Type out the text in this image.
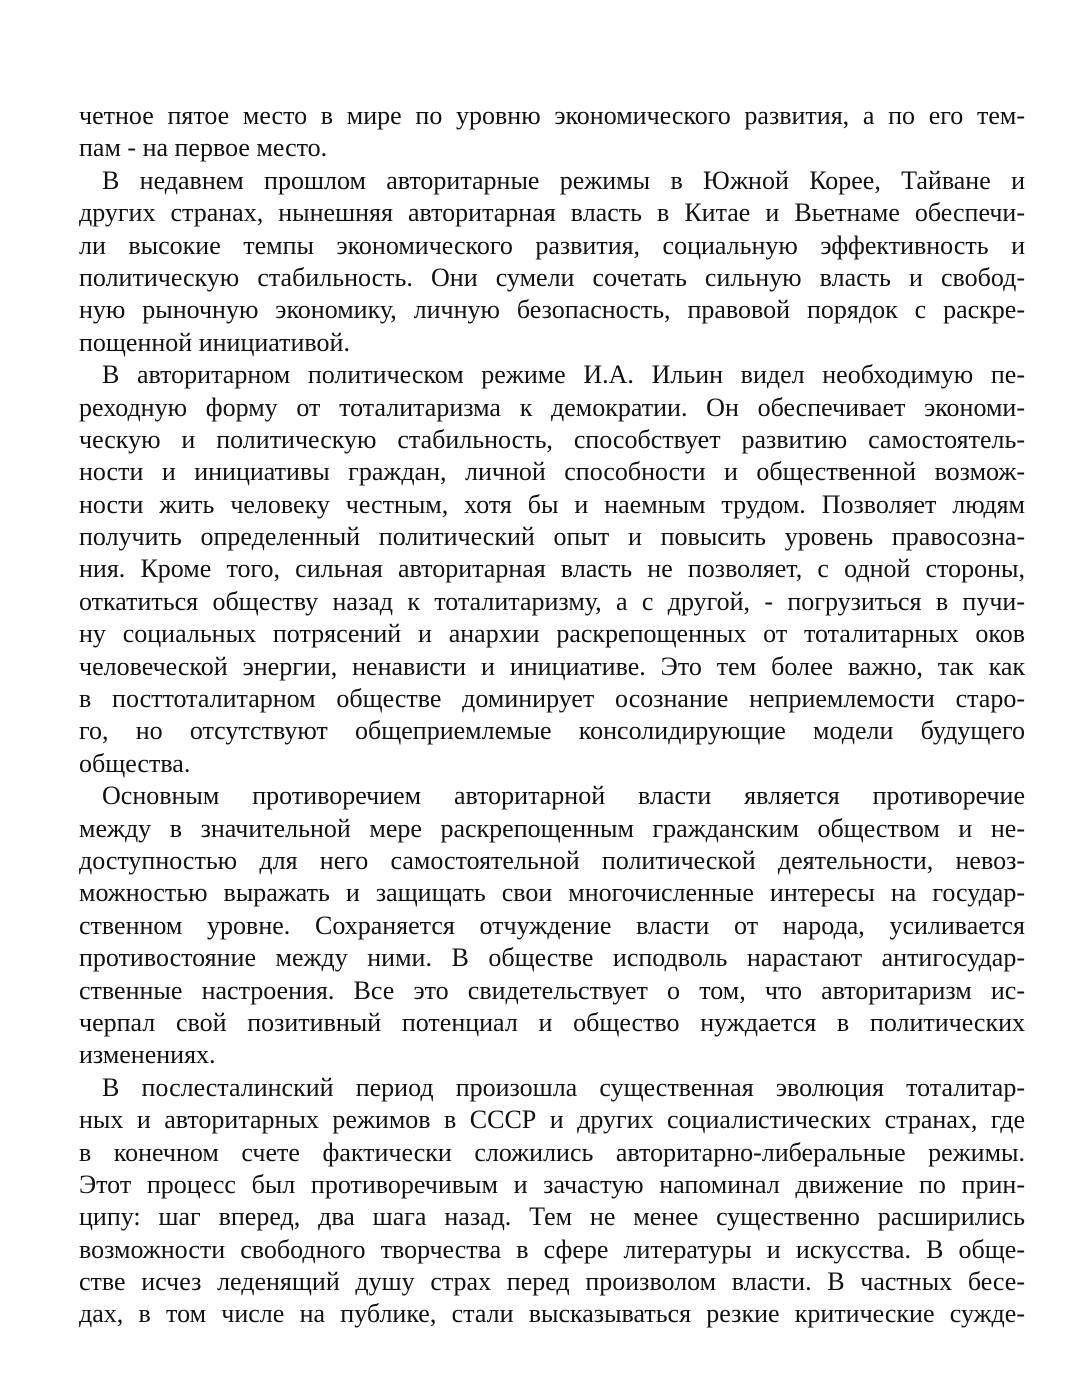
четное пятое место в мире по уровню экономического развития, а по его тем-
пам - на первое место.
В недавнем прошлом авторитарные режимы в Южной Корее, Тайване и
других странах, нынешняя авторитарная власть в Китае и Вьетнаме обеспечи-
ли высокие темпы экономического развития, социальную эффективность и
политическую стабильность. Они сумели сочетать сильную власть и свобод-
ную рыночную экономику, личную безопасность, правовой порядок с раскре-
пощенной инициативой.
В авторитарном политическом режиме И.А. Ильин видел необходимую пе-
реходную форму от тоталитаризма к демократии. Он обеспечивает экономи-
ческую и политическую стабильность, способствует развитию самостоятель-
ности и инициативы граждан, личной способности и общественной возмож-
ности жить человеку честным, хотя бы и наемным трудом. Позволяет людям
получить определенный политический опыт и повысить уровень правосозна-
ния. Кроме того, сильная авторитарная власть не позволяет, с одной стороны,
откатиться обществу назад к тоталитаризму, а с другой, - погрузиться в пучи-
ну социальных потрясений и анархии раскрепощенных от тоталитарных оков
человеческой энергии, ненависти и инициативе. Это тем более важно, так как
в посттоталитарном обществе доминирует осознание неприемлемости старо-
го, но отсутствуют общеприемлемые консолидирующие модели будущего
общества.
Основным противоречием авторитарной власти является противоречие
между в значительной мере раскрепощенным гражданским обществом и не-
доступностью для него самостоятельной политической деятельности, невоз-
можностью выражать и защищать свои многочисленные интересы на государ-
ственном уровне. Сохраняется отчуждение власти от народа, усиливается
противостояние между ними. В обществе исподволь нарастают антигосудар-
ственные настроения. Все это свидетельствует о том, что авторитаризм ис-
черпал свой позитивный потенциал и общество нуждается в политических
изменениях.
В послесталинский период произошла существенная эволюция тоталитар-
ных и авторитарных режимов в СССР и других социалистических странах, где
в конечном счете фактически сложились авторитарно-либеральные режимы.
Этот процесс был противоречивым и зачастую напоминал движение по прин-
ципу: шаг вперед, два шага назад. Тем не менее существенно расширились
возможности свободного творчества в сфере литературы и искусства. В обще-
стве исчез леденящий душу страх перед произволом власти. В частных бесе-
дах, в том числе на публике, стали высказываться резкие критические сужде-
